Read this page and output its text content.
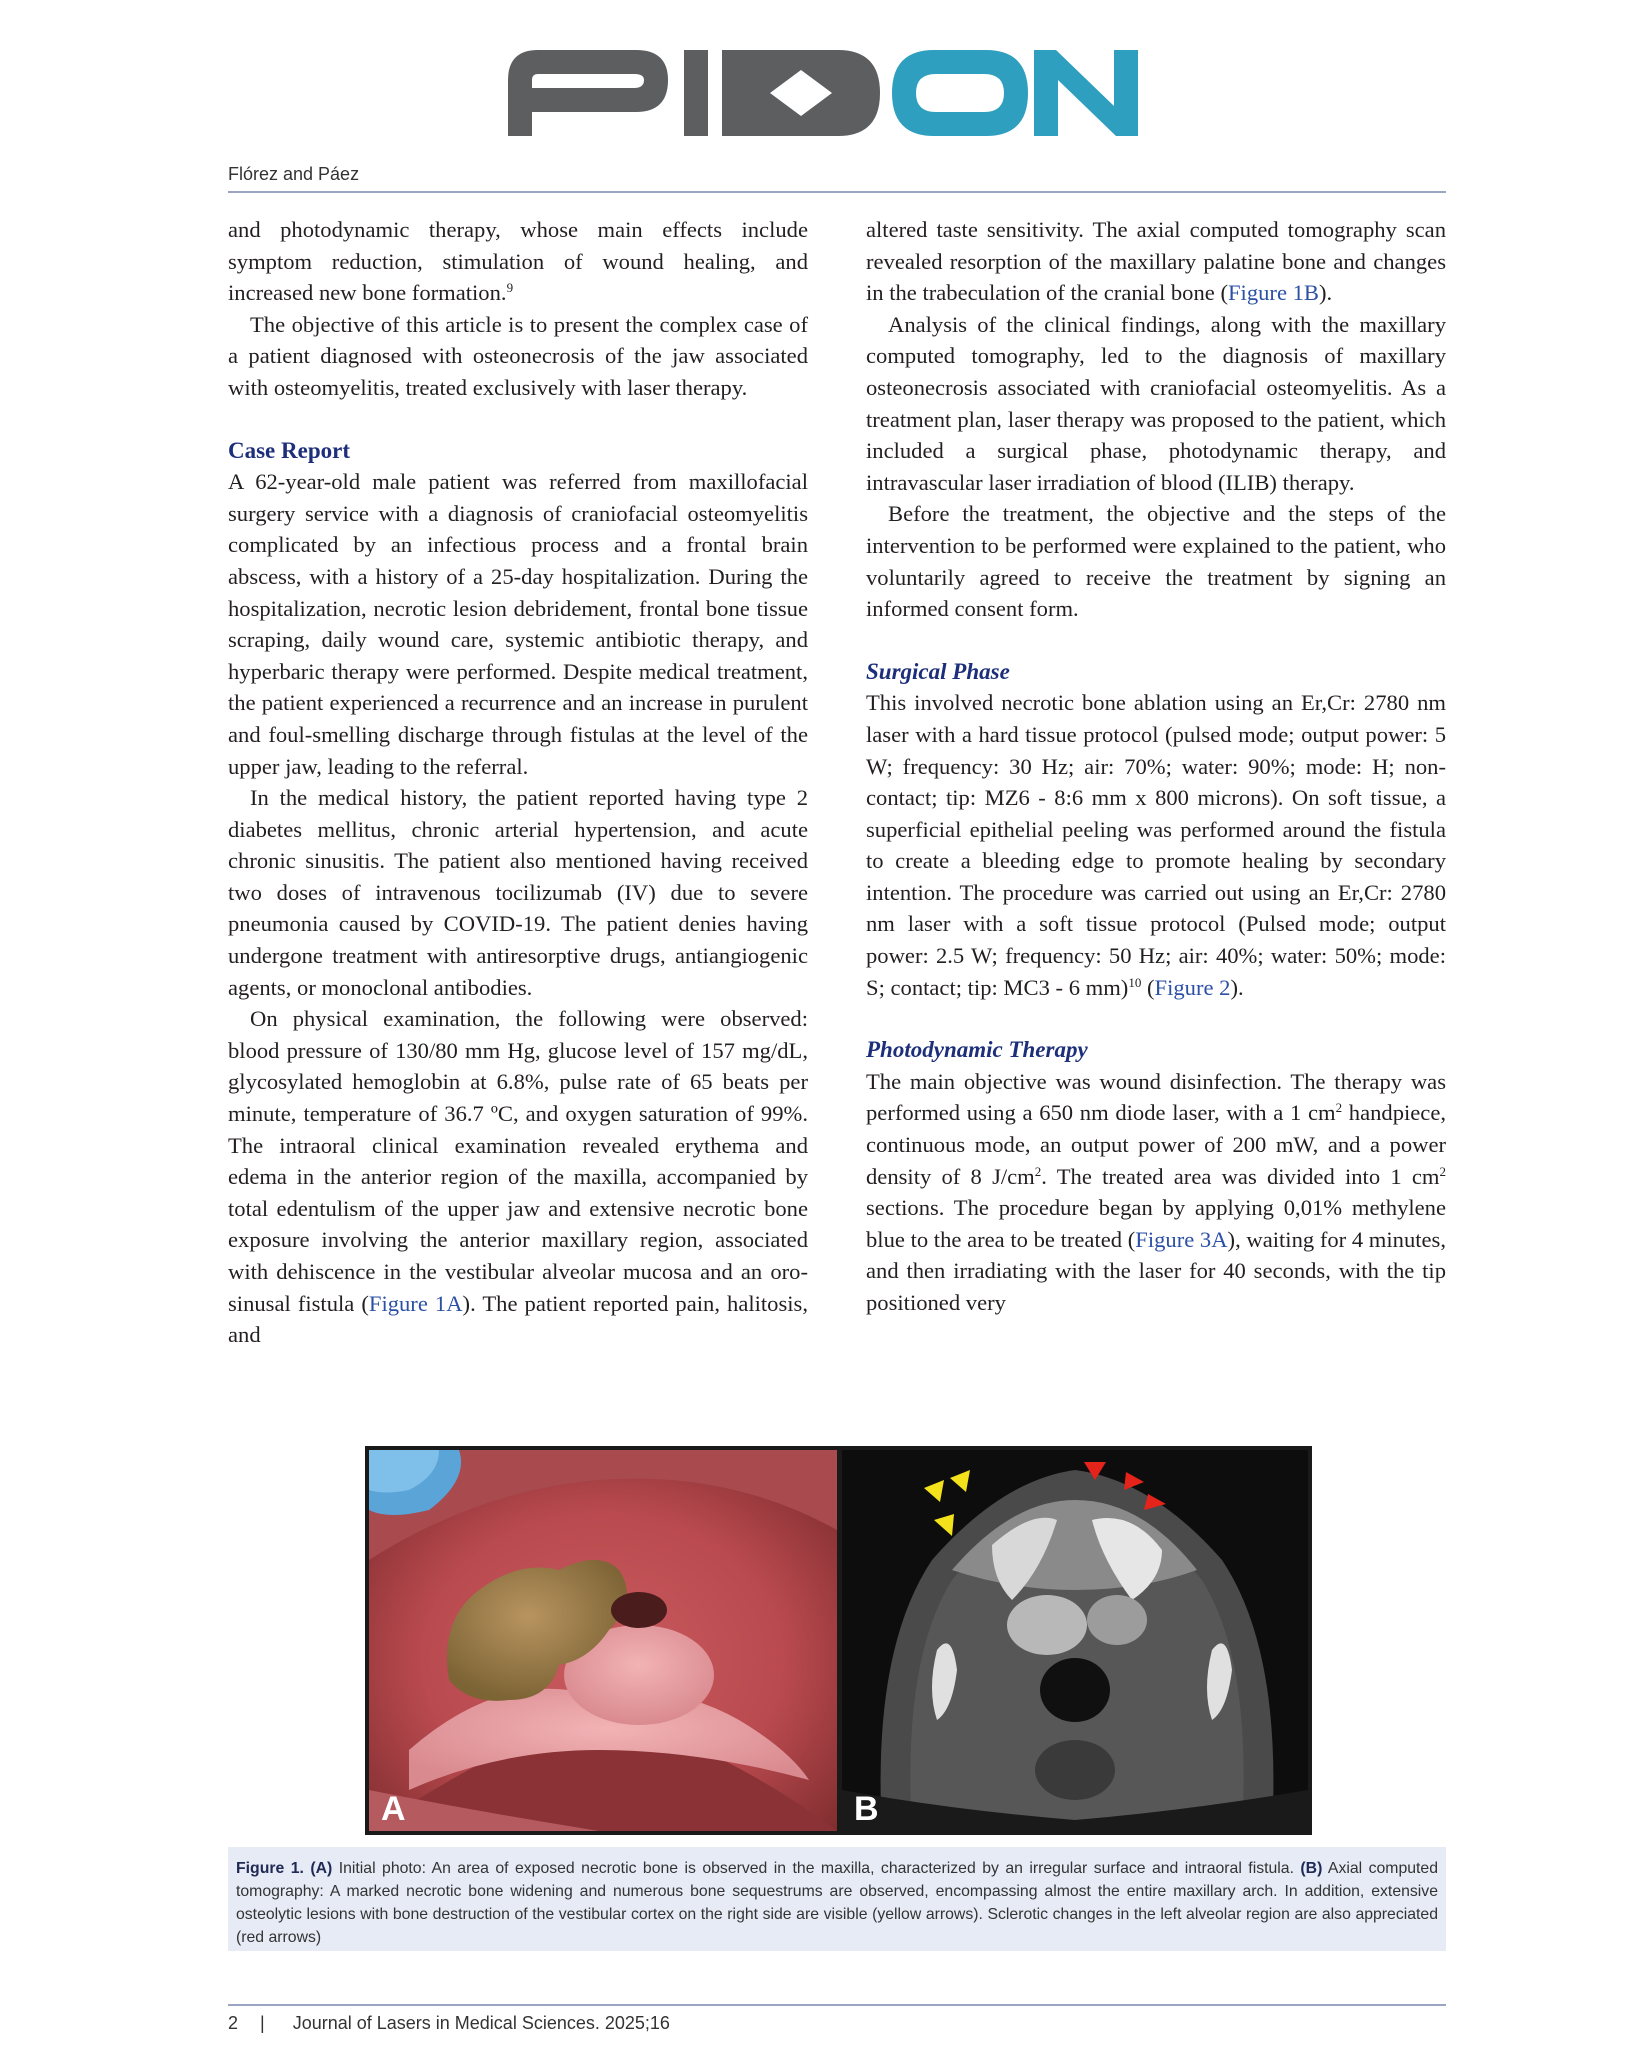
Flórez and Páez

and photodynamic therapy, whose main effects include symptom reduction, stimulation of wound healing, and increased new bone formation.$^9$

The objective of this article is to present the complex case of a patient diagnosed with osteonecrosis of the jaw associated with osteomyelitis, treated exclusively with laser therapy.

Case Report

A 62-year-old male patient was referred from maxillofacial surgery service with a diagnosis of craniofacial osteomyelitis complicated by an infectious process and a frontal brain abscess, with a history of a 25-day hospitalization. During the hospitalization, necrotic lesion debridement, frontal bone tissue scraping, daily wound care, systemic antibiotic therapy, and hyperbaric therapy were performed. Despite medical treatment, the patient experienced a recurrence and an increase in purulent and foul-smelling discharge through fistulas at the level of the upper jaw, leading to the referral.

In the medical history, the patient reported having type 2 diabetes mellitus, chronic arterial hypertension, and acute chronic sinusitis. The patient also mentioned having received two doses of intravenous tocilizumab (IV) due to severe pneumonia caused by COVID-19. The patient denies having undergone treatment with antiresorptive drugs, antiangiogenic agents, or monoclonal antibodies.

On physical examination, the following were observed: blood pressure of 130/80 mm Hg, glucose level of 157 mg/dL, glycosylated hemoglobin at 6.8%, pulse rate of 65 beats per minute, temperature of 36.7 ºC, and oxygen saturation of 99%. The intraoral clinical examination revealed erythema and edema in the anterior region of the maxilla, accompanied by total edentulism of the upper jaw and extensive necrotic bone exposure involving the anterior maxillary region, associated with dehiscence in the vestibular alveolar mucosa and an oro-sinusal fistula (Figure 1A). The patient reported pain, halitosis, and

altered taste sensitivity. The axial computed tomography scan revealed resorption of the maxillary palatine bone and changes in the trabeculation of the cranial bone (Figure 1B).

Analysis of the clinical findings, along with the maxillary computed tomography, led to the diagnosis of maxillary osteonecrosis associated with craniofacial osteomyelitis. As a treatment plan, laser therapy was proposed to the patient, which included a surgical phase, photodynamic therapy, and intravascular laser irradiation of blood (ILIB) therapy.

Before the treatment, the objective and the steps of the intervention to be performed were explained to the patient, who voluntarily agreed to receive the treatment by signing an informed consent form.

Surgical Phase

This involved necrotic bone ablation using an Er,Cr: 2780 nm laser with a hard tissue protocol (pulsed mode; output power: 5 W; frequency: 30 Hz; air: 70%; water: 90%; mode: H; non-contact; tip: MZ6 - 8:6 mm x 800 microns). On soft tissue, a superficial epithelial peeling was performed around the fistula to create a bleeding edge to promote healing by secondary intention. The procedure was carried out using an Er,Cr: 2780 nm laser with a soft tissue protocol (Pulsed mode; output power: 2.5 W; frequency: 50 Hz; air: 40%; water: 50%; mode: S; contact; tip: MC3 - 6 mm)$^{10}$ (Figure 2).

Photodynamic Therapy

The main objective was wound disinfection. The therapy was performed using a 650 nm diode laser, with a 1 $cm^2$ handpiece, continuous mode, an output power of 200 mW, and a power density of 8 $J/cm^2$. The treated area was divided into 1 $cm^2$ sections. The procedure began by applying 0,01% methylene blue to the area to be treated (Figure 3A), waiting for 4 minutes, and then irradiating with the laser for 40 seconds, with the tip positioned very

A	B
Figure 1. (A) Initial photo: An area of exposed necrotic bone is observed in the maxilla, characterized by an irregular surface and intraoral fistula. (B) Axial computed tomography: A marked necrotic bone widening and numerous bone sequestrums are observed, encompassing almost the entire maxillary arch. In addition, extensive osteolytic lesions with bone destruction of the vestibular cortex on the right side are visible (yellow arrows). Sclerotic changes in the left alveolar region are also appreciated (red arrows)
2 | Journal of Lasers in Medical Sciences. 2025;16
